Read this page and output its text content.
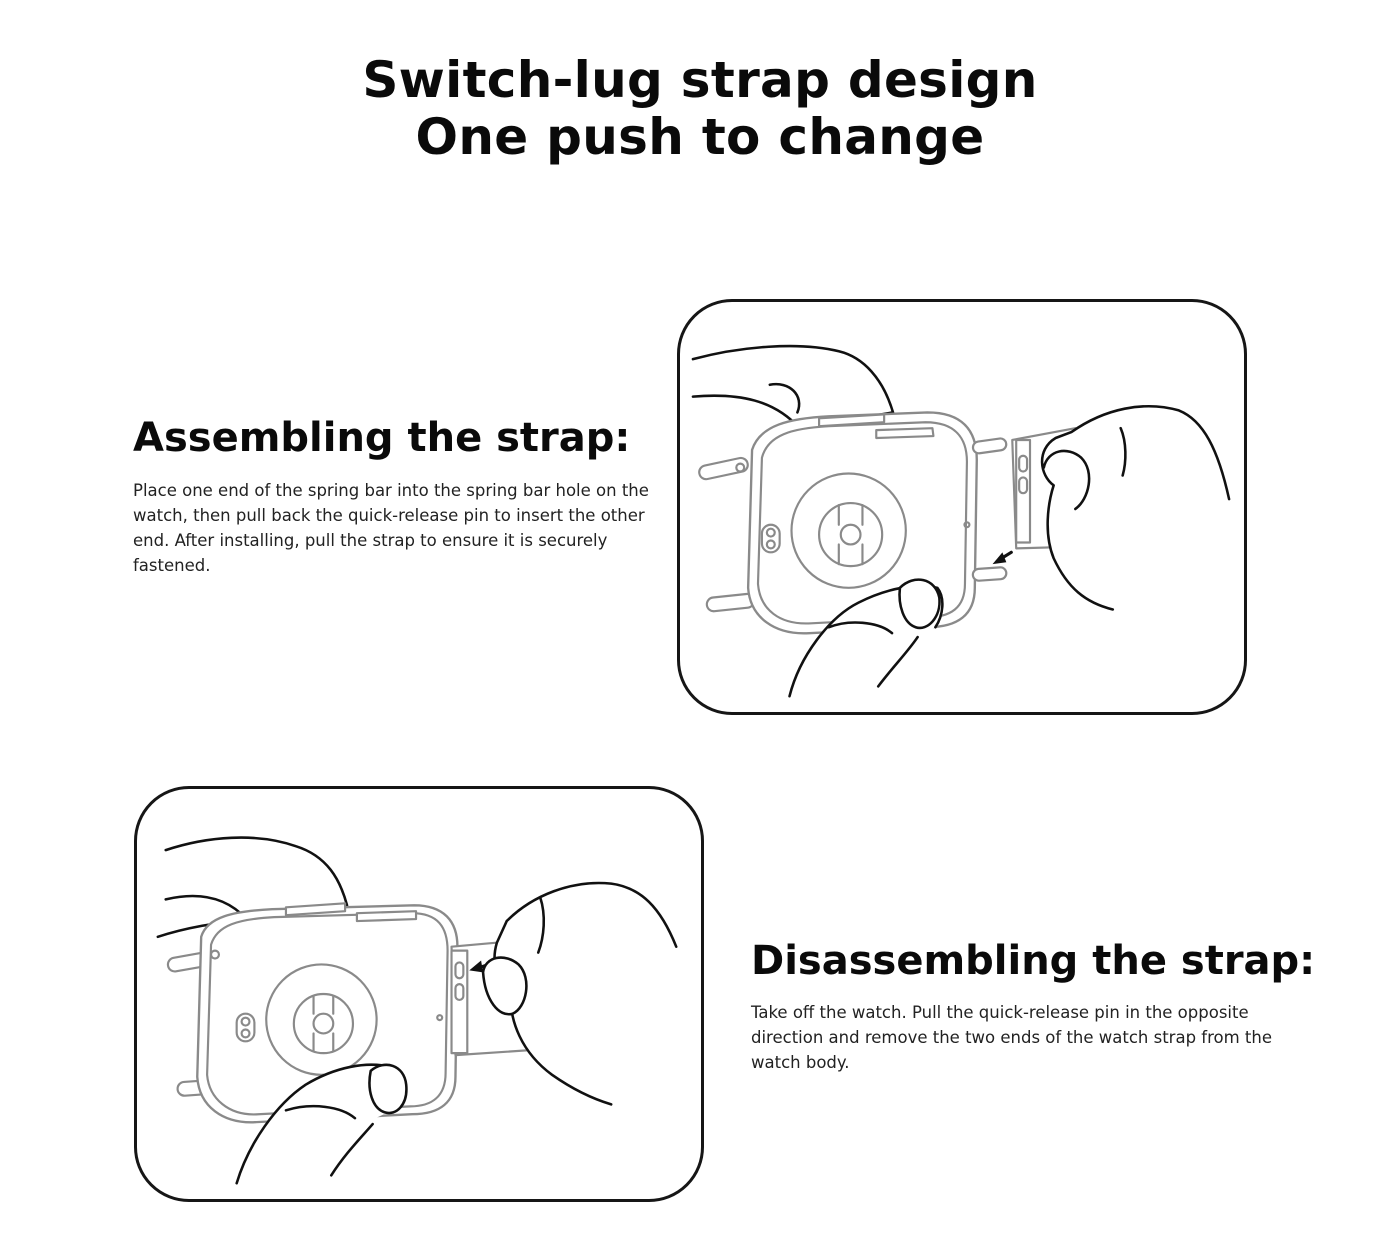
Switch-lug strap design
One push to change
Assembling the strap:

Place one end of the spring bar into the spring bar hole on the watch, then pull back the quick-release pin to insert the other end. After installing, pull the strap to ensure it is securely fastened.

Disassembling the strap:

Take off the watch. Pull the quick-release pin in the opposite direction and remove the two ends of the watch strap from the watch body.
